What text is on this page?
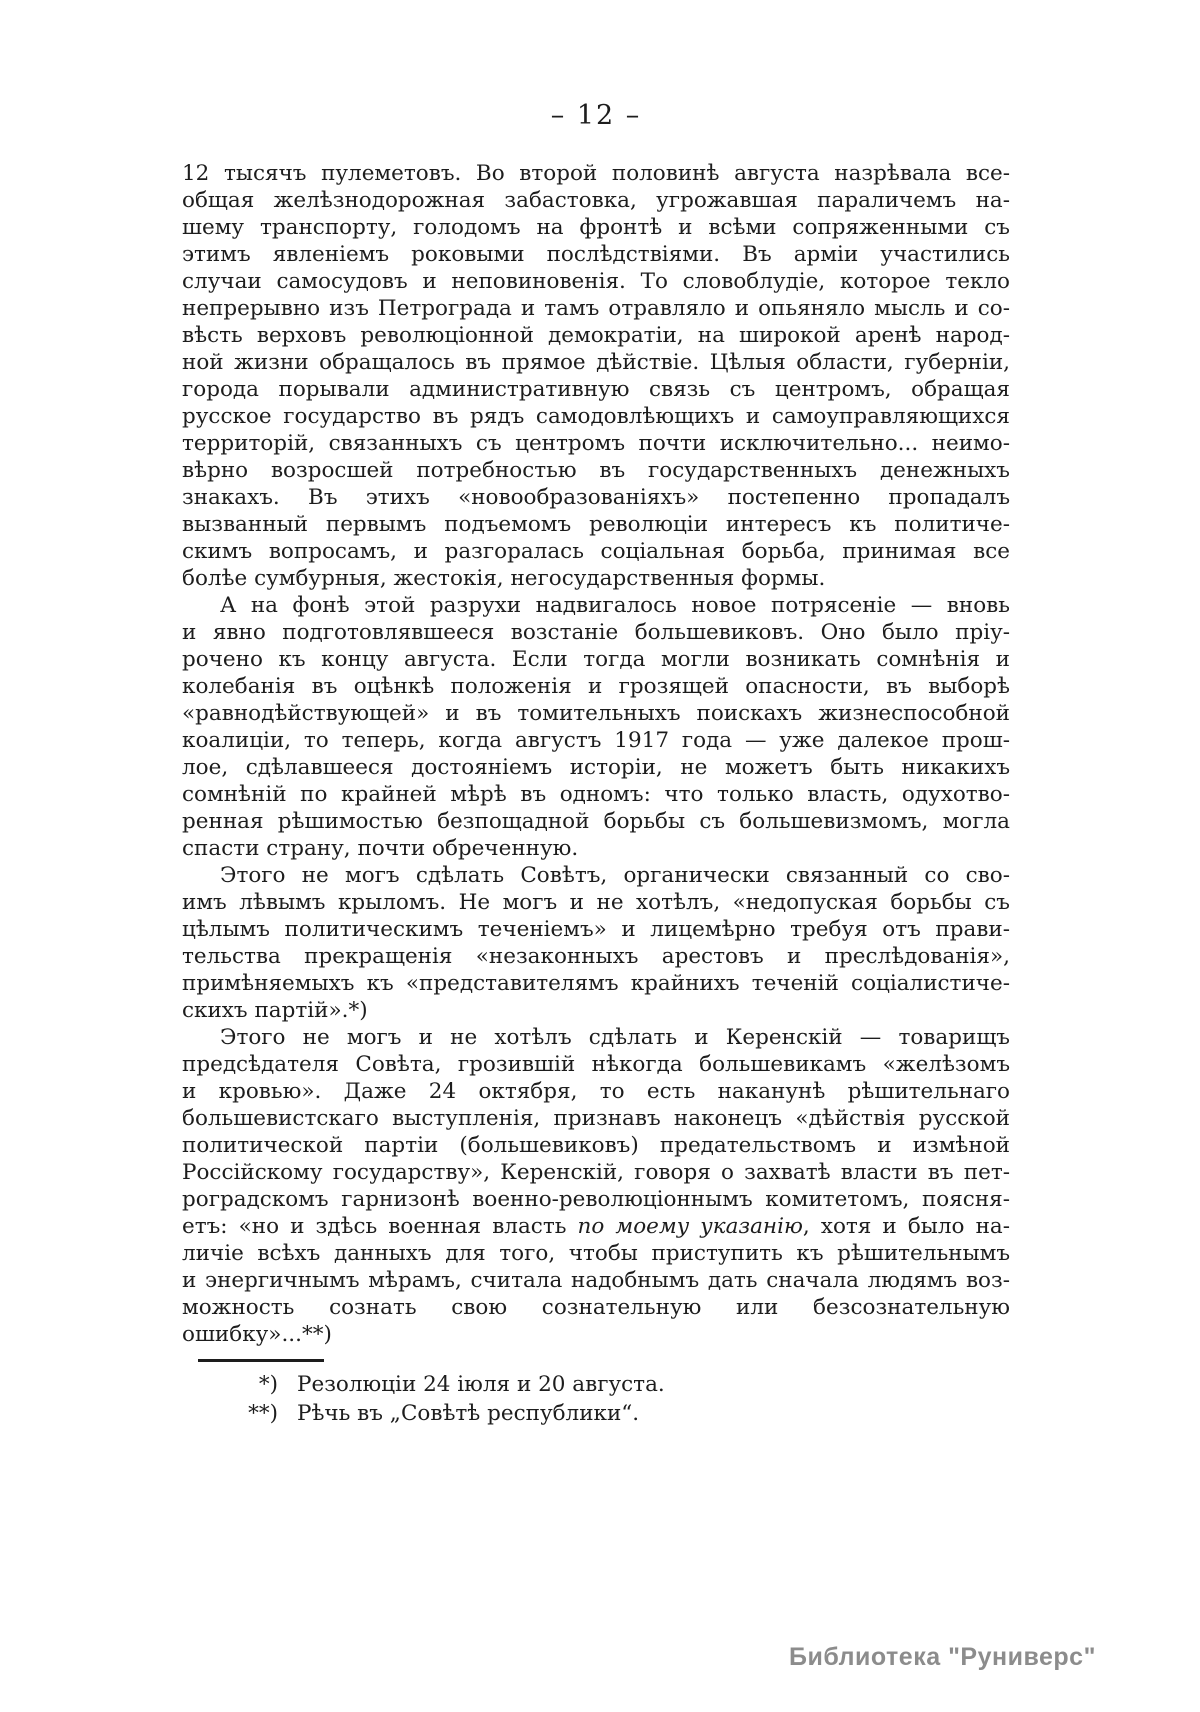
– 12 –
12 тысячъ пулеметовъ. Во второй половинѣ августа назрѣвала все-
общая желѣзнодорожная забастовка, угрожавшая параличемъ на-
шему транспорту, голодомъ на фронтѣ и всѣми сопряженными съ
этимъ явленіемъ роковыми послѣдствіями. Въ арміи участились
случаи самосудовъ и неповиновенія. То словоблудіе, которое текло
непрерывно изъ Петрограда и тамъ отравляло и опьяняло мысль и со-
вѣсть верховъ революціонной демократіи, на широкой аренѣ народ-
ной жизни обращалось въ прямое дѣйствіе. Цѣлыя области, губерніи,
города порывали административную связь съ центромъ, обращая
русское государство въ рядъ самодовлѣющихъ и самоуправляющихся
территорій, связанныхъ съ центромъ почти исключительно... неимо-
вѣрно возросшей потребностью въ государственныхъ денежныхъ
знакахъ. Въ этихъ «новообразованіяхъ» постепенно пропадалъ
вызванный первымъ подъемомъ революціи интересъ къ политиче-
скимъ вопросамъ, и разгоралась соціальная борьба, принимая все
болѣе сумбурныя, жестокія, негосударственныя формы.
А на фонѣ этой разрухи надвигалось новое потрясеніе — вновь
и явно подготовлявшееся возстаніе большевиковъ. Оно было пріу-
рочено къ концу августа. Если тогда могли возникать сомнѣнія и
колебанія въ оцѣнкѣ положенія и грозящей опасности, въ выборѣ
«равнодѣйствующей» и въ томительныхъ поискахъ жизнеспособной
коалиціи, то теперь, когда августъ 1917 года — уже далекое прош-
лое, сдѣлавшееся достояніемъ исторіи, не можетъ быть никакихъ
сомнѣній по крайней мѣрѣ въ одномъ: что только власть, одухотво-
ренная рѣшимостью безпощадной борьбы съ большевизмомъ, могла
спасти страну, почти обреченную.
Этого не могъ сдѣлать Совѣтъ, органически связанный со сво-
имъ лѣвымъ крыломъ. Не могъ и не хотѣлъ, «недопуская борьбы съ
цѣлымъ политическимъ теченіемъ» и лицемѣрно требуя отъ прави-
тельства прекращенія «незаконныхъ арестовъ и преслѣдованія»,
примѣняемыхъ къ «представителямъ крайнихъ теченій соціалистиче-
скихъ партій».*)
Этого не могъ и не хотѣлъ сдѣлать и Керенскій — товарищъ
предсѣдателя Совѣта, грозившій нѣкогда большевикамъ «желѣзомъ
и кровью». Даже 24 октября, то есть наканунѣ рѣшительнаго
большевистскаго выступленія, признавъ наконецъ «дѣйствія русской
политической партіи (большевиковъ) предательствомъ и измѣной
Россійскому государству», Керенскій, говоря о захватѣ власти въ пет-
роградскомъ гарнизонѣ военно-революціоннымъ комитетомъ, поясня-
етъ: «но и здѣсь военная власть по моему указанію, хотя и было на-
личіе всѣхъ данныхъ для того, чтобы приступить къ рѣшительнымъ
и энергичнымъ мѣрамъ, считала надобнымъ дать сначала людямъ воз-
можность сознать свою сознательную или безсознательную
ошибку»...**)
*) Резолюціи 24 іюля и 20 августа.
**) Рѣчь въ „Совѣтѣ республики“.
Библиотека "Руниверс"
